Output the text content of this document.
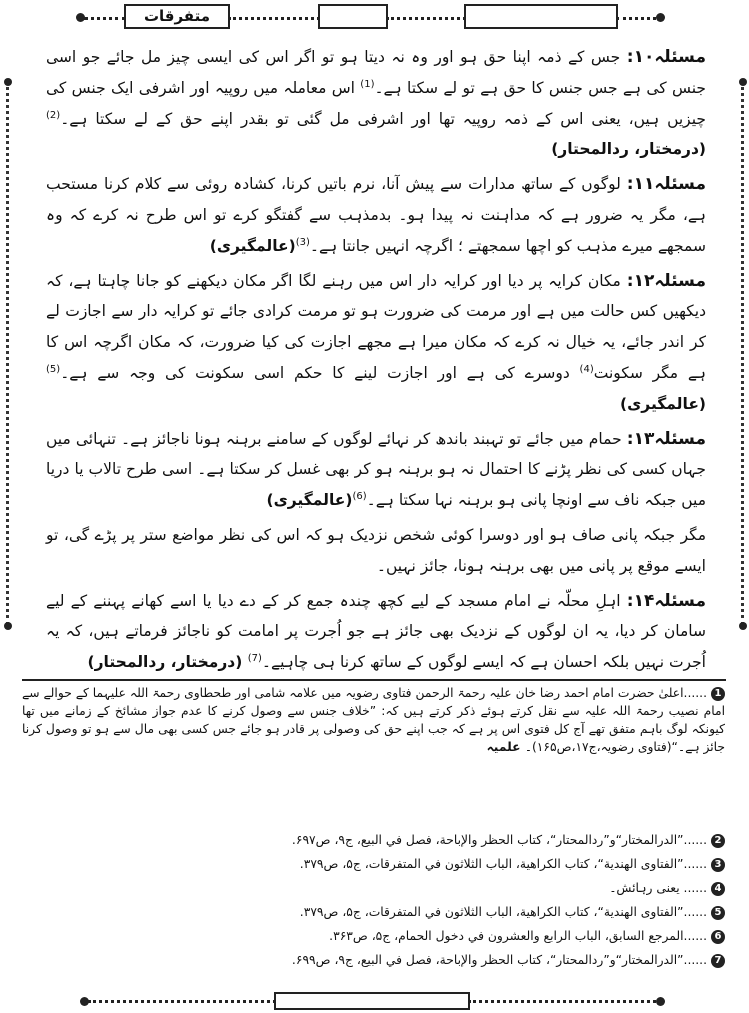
متفرقات

مسئلہ۱۰: جس کے ذمہ اپنا حق ہو اور وہ نہ دیتا ہو تو اگر اس کی ایسی چیز مل جائے جو اسی جنس کی ہے جس جنس کا حق ہے تو لے سکتا ہے۔$^{(1)}$ اس معاملہ میں روپیہ اور اشرفی ایک جنس کی چیزیں ہیں، یعنی اس کے ذمہ روپیہ تھا اور اشرفی مل گئی تو بقدر اپنے حق کے لے سکتا ہے۔$^{(2)}$ (درمختار، ردالمحتار)

مسئلہ۱۱: لوگوں کے ساتھ مدارات سے پیش آنا، نرم باتیں کرنا، کشادہ روئی سے کلام کرنا مستحب ہے، مگر یہ ضرور ہے کہ مداہنت نہ پیدا ہو۔ بدمذہب سے گفتگو کرے تو اس طرح نہ کرے کہ وہ سمجھے میرے مذہب کو اچھا سمجھتے ؛ اگرچہ انہیں جانتا ہے۔$^{(3)}$(عالمگیری)

مسئلہ۱۲: مکان کرایہ پر دیا اور کرایہ دار اس میں رہنے لگا اگر مکان دیکھنے کو جانا چاہتا ہے، کہ دیکھیں کس حالت میں ہے اور مرمت کی ضرورت ہو تو مرمت کرادی جائے تو کرایہ دار سے اجازت لے کر اندر جائے، یہ خیال نہ کرے کہ مکان میرا ہے مجھے اجازت کی کیا ضرورت، کہ مکان اگرچہ اس کا ہے مگر سکونت$^{(4)}$ دوسرے کی ہے اور اجازت لینے کا حکم اسی سکونت کی وجہ سے ہے۔$^{(5)}$(عالمگیری)

مسئلہ۱۳: حمام میں جائے تو تہبند باندھ کر نہائے لوگوں کے سامنے برہنہ ہونا ناجائز ہے۔ تنہائی میں جہاں کسی کی نظر پڑنے کا احتمال نہ ہو برہنہ ہو کر بھی غسل کر سکتا ہے۔ اسی طرح تالاب یا دریا میں جبکہ ناف سے اونچا پانی ہو برہنہ نہا سکتا ہے۔$^{(6)}$(عالمگیری)

مگر جبکہ پانی صاف ہو اور دوسرا کوئی شخص نزدیک ہو کہ اس کی نظر مواضع ستر پر پڑے گی، تو ایسے موقع پر پانی میں بھی برہنہ ہونا، جائز نہیں۔

مسئلہ۱۴: اہلِ محلّہ نے امام مسجد کے لیے کچھ چندہ جمع کر کے دے دیا یا اسے کھانے پہننے کے لیے سامان کر دیا، یہ ان لوگوں کے نزدیک بھی جائز ہے جو اُجرت پر امامت کو ناجائز فرماتے ہیں، کہ یہ اُجرت نہیں بلکہ احسان ہے کہ ایسے لوگوں کے ساتھ کرنا ہی چاہیے۔$^{(7)}$ (درمختار، ردالمحتار)

1......اعلیٰ حضرت امام احمد رضا خان علیہ رحمۃ الرحمن فتاوی رضویہ میں علامہ شامی اور طحطاوی رحمۃ اللہ علیہما کے حوالے سے امام نصیب رحمۃ اللہ علیہ سے نقل کرتے ہوئے ذکر کرتے ہیں کہ: ”خلاف جنس سے وصول کرنے کا عدم جواز مشائخ کے زمانے میں تھا کیونکہ لوگ باہم متفق تھے آج کل فتوی اس پر ہے کہ جب اپنے حق کی وصولی پر قادر ہو جائے جس کسی بھی مال سے ہو تو وصول کرنا جائز ہے۔“(فتاوی رضویہ،ج۱۷،ص۱۶۵)۔ علمیہ
2......”الدرالمختار“و”ردالمحتار“، کتاب الحظر والإباحة، فصل في البیع، ج۹، ص۶۹۷.
3......”الفتاوی الهندیة“، کتاب الکراهیة، الباب الثلاثون في المتفرقات، ج۵، ص۳۷۹.
4...... یعنی رہائش۔
5......”الفتاوی الهندیة“، کتاب الکراهیة، الباب الثلاثون في المتفرقات، ج۵، ص۳۷۹.
6......المرجع السابق، الباب الرابع والعشرون في دخول الحمام، ج۵، ص۳۶۳.
7......”الدرالمختار“و”ردالمحتار“، کتاب الحظر والإباحة، فصل في البیع، ج۹، ص۶۹۹.
